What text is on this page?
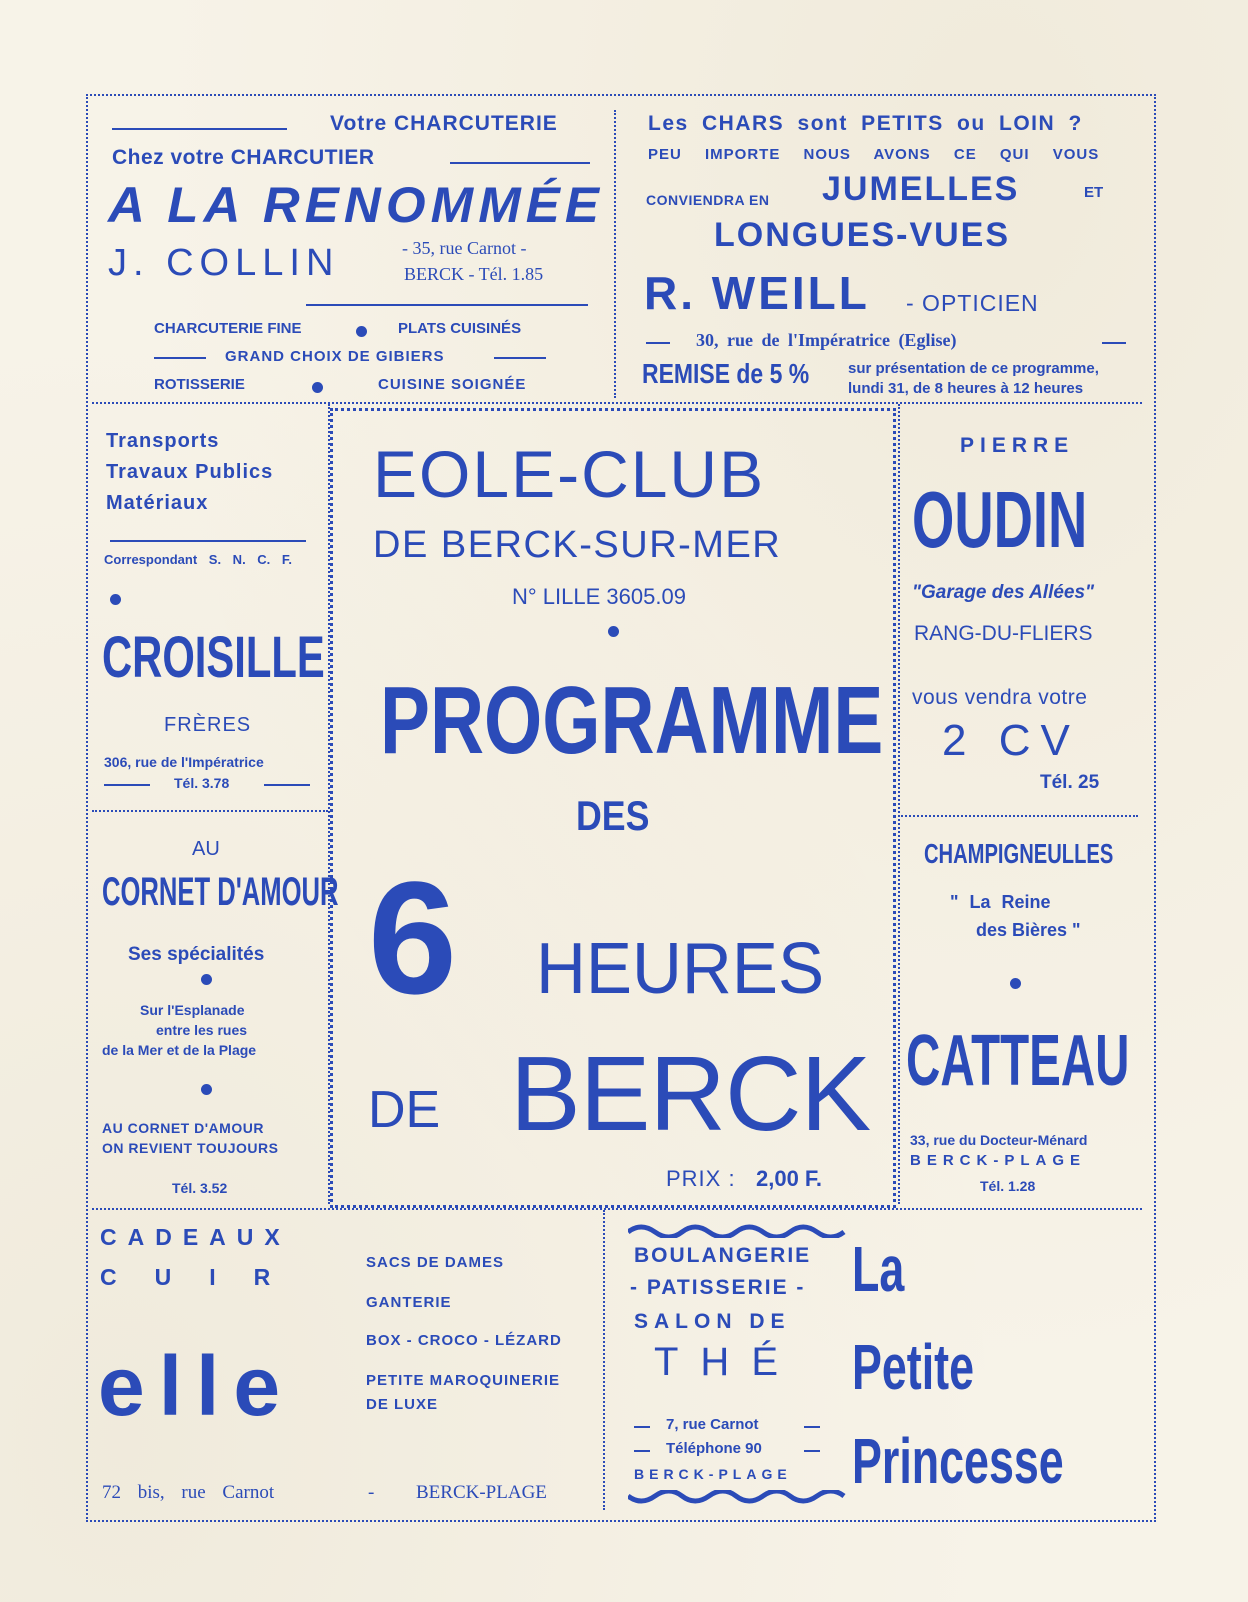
Votre CHARCUTERIE
Chez votre CHARCUTIER
A LA RENOMMÉE
J. COLLIN	- 35, rue Carnot -
BERCK - Tél. 1.85
CHARCUTERIE FINE	PLATS CUISINÉS
GRAND CHOIX DE GIBIERS
ROTISSERIE	CUISINE SOIGNÉE
Les CHARS sont PETITS ou LOIN ?
PEU IMPORTE NOUS AVONS CE QUI VOUS
CONVIENDRA EN JUMELLES	ET
LONGUES-VUES
R. WEILL - OPTICIEN
30, rue de l'Impératrice (Eglise)
REMISE de 5 %	sur présentation de ce programme,
lundi 31, de 8 heures à 12 heures
Transports
Travaux Publics
Matériaux
Correspondant S. N. C. F.
CROISILLE
FRÈRES
306, rue de l'Impératrice
Tél. 3.78
EOLE-CLUB
DE BERCK-SUR-MER
N° LILLE 3605.09
PROGRAMME
DES
6 HEURES
DE BERCK
PRIX : 2,00 F.
PIERRE
OUDIN
"Garage des Allées"
RANG-DU-FLIERS
vous vendra votre
2 CV
Tél. 25
AU
CORNET D'AMOUR
Ses spécialités
Sur l'Esplanade
entre les rues
de la Mer et de la Plage
AU CORNET D'AMOUR
ON REVIENT TOUJOURS
Tél. 3.52
CHAMPIGNEULLES
" La Reine
des Bières "
CATTEAU
33, rue du Docteur-Ménard
BERCK-PLAGE
Tél. 1.28
CADEAUX
CUIR
elle
SACS DE DAMES
GANTERIE
BOX - CROCO - LÉZARD
PETITE MAROQUINERIE
DE LUXE
72 bis, rue Carnot	- BERCK-PLAGE
BOULANGERIE
- PATISSERIE -
SALON DE
THÉ
7, rue Carnot
Téléphone 90
BERCK-PLAGE
La
Petite
Princesse
